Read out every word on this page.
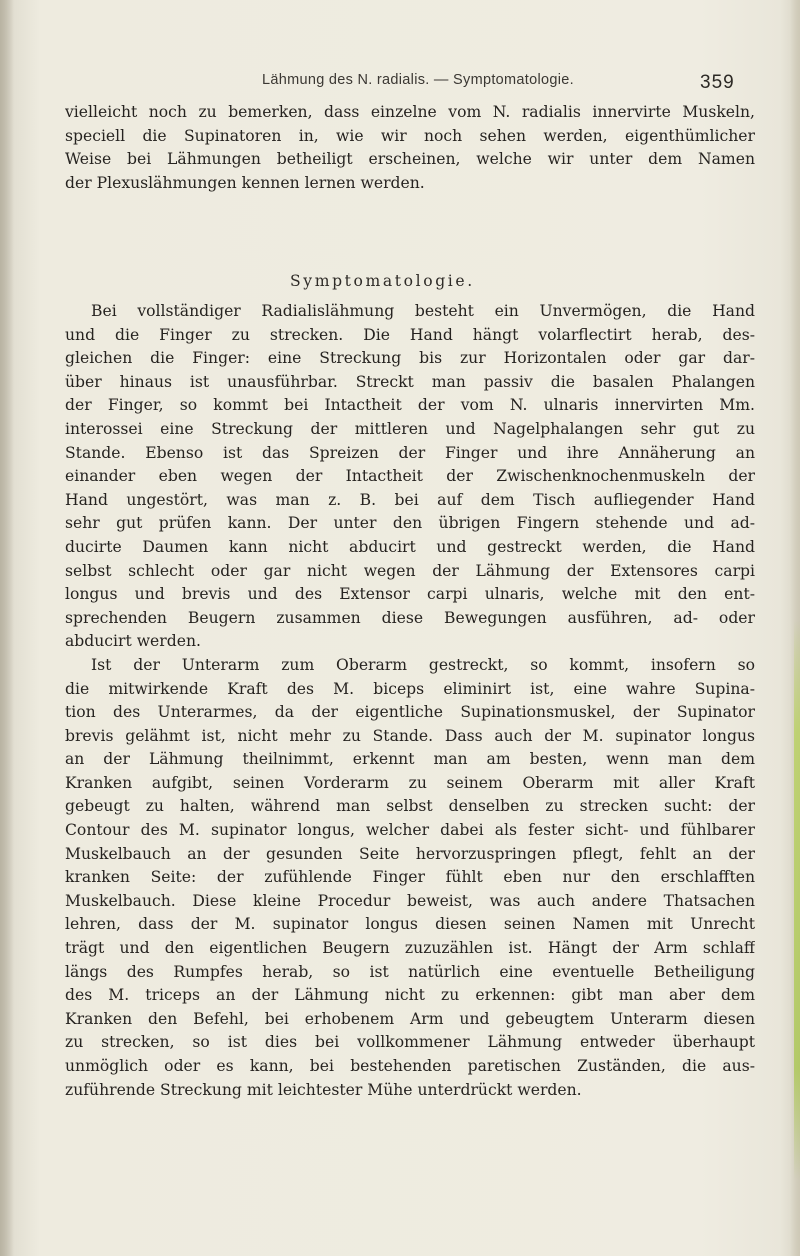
Lähmung des N. radialis. — Symptomatologie.	359
vielleicht noch zu bemerken, dass einzelne vom N. radialis innervirte Muskeln,
speciell die Supinatoren in, wie wir noch sehen werden, eigenthümlicher
Weise bei Lähmungen betheiligt erscheinen, welche wir unter dem Namen
der Plexuslähmungen kennen lernen werden.
Symptomatologie.
Bei vollständiger Radialislähmung besteht ein Unvermögen, die Hand
und die Finger zu strecken. Die Hand hängt volarflectirt herab, des-
gleichen die Finger: eine Streckung bis zur Horizontalen oder gar dar-
über hinaus ist unausführbar. Streckt man passiv die basalen Phalangen
der Finger, so kommt bei Intactheit der vom N. ulnaris innervirten Mm.
interossei eine Streckung der mittleren und Nagelphalangen sehr gut zu
Stande. Ebenso ist das Spreizen der Finger und ihre Annäherung an
einander eben wegen der Intactheit der Zwischenknochenmuskeln der
Hand ungestört, was man z. B. bei auf dem Tisch aufliegender Hand
sehr gut prüfen kann. Der unter den übrigen Fingern stehende und ad-
ducirte Daumen kann nicht abducirt und gestreckt werden, die Hand
selbst schlecht oder gar nicht wegen der Lähmung der Extensores carpi
longus und brevis und des Extensor carpi ulnaris, welche mit den ent-
sprechenden Beugern zusammen diese Bewegungen ausführen, ad- oder
abducirt werden.
Ist der Unterarm zum Oberarm gestreckt, so kommt, insofern so
die mitwirkende Kraft des M. biceps eliminirt ist, eine wahre Supina-
tion des Unterarmes, da der eigentliche Supinationsmuskel, der Supinator
brevis gelähmt ist, nicht mehr zu Stande. Dass auch der M. supinator longus
an der Lähmung theilnimmt, erkennt man am besten, wenn man dem
Kranken aufgibt, seinen Vorderarm zu seinem Oberarm mit aller Kraft
gebeugt zu halten, während man selbst denselben zu strecken sucht: der
Contour des M. supinator longus, welcher dabei als fester sicht- und fühlbarer
Muskelbauch an der gesunden Seite hervorzuspringen pflegt, fehlt an der
kranken Seite: der zufühlende Finger fühlt eben nur den erschlafften
Muskelbauch. Diese kleine Procedur beweist, was auch andere Thatsachen
lehren, dass der M. supinator longus diesen seinen Namen mit Unrecht
trägt und den eigentlichen Beugern zuzuzählen ist. Hängt der Arm schlaff
längs des Rumpfes herab, so ist natürlich eine eventuelle Betheiligung
des M. triceps an der Lähmung nicht zu erkennen: gibt man aber dem
Kranken den Befehl, bei erhobenem Arm und gebeugtem Unterarm diesen
zu strecken, so ist dies bei vollkommener Lähmung entweder überhaupt
unmöglich oder es kann, bei bestehenden paretischen Zuständen, die aus-
zuführende Streckung mit leichtester Mühe unterdrückt werden.
